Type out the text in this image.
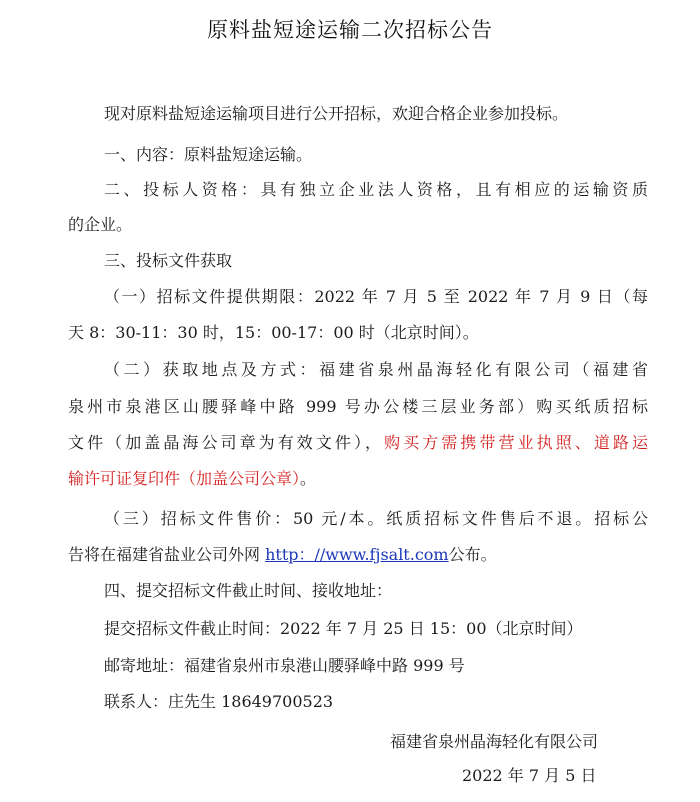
原料盐短途运输二次招标公告
现对原料盐短途运输项目进行公开招标，欢迎合格企业参加投标。
一、内容：原料盐短途运输。
二、投标人资格：具有独立企业法人资格，且有相应的运输资质
的企业。
三、投标文件获取
（一）招标文件提供期限：2022 年 7 月 5 至 2022 年 7 月 9 日（每
天 8：30-11：30 时，15：00-17：00 时（北京时间）。
（二）获取地点及方式：福建省泉州晶海轻化有限公司（福建省
泉州市泉港区山腰驿峰中路 999 号办公楼三层业务部）购买纸质招标
文件（加盖晶海公司章为有效文件），购买方需携带营业执照、道路运
输许可证复印件（加盖公司公章）。
（三）招标文件售价：50 元/本。纸质招标文件售后不退。招标公
告将在福建省盐业公司外网 http：//www.fjsalt.com公布。
四、提交招标文件截止时间、接收地址：
提交招标文件截止时间：2022 年 7 月 25 日 15：00（北京时间）
邮寄地址：福建省泉州市泉港山腰驿峰中路 999 号
联系人：庄先生 18649700523
福建省泉州晶海轻化有限公司
2022 年 7 月 5 日
